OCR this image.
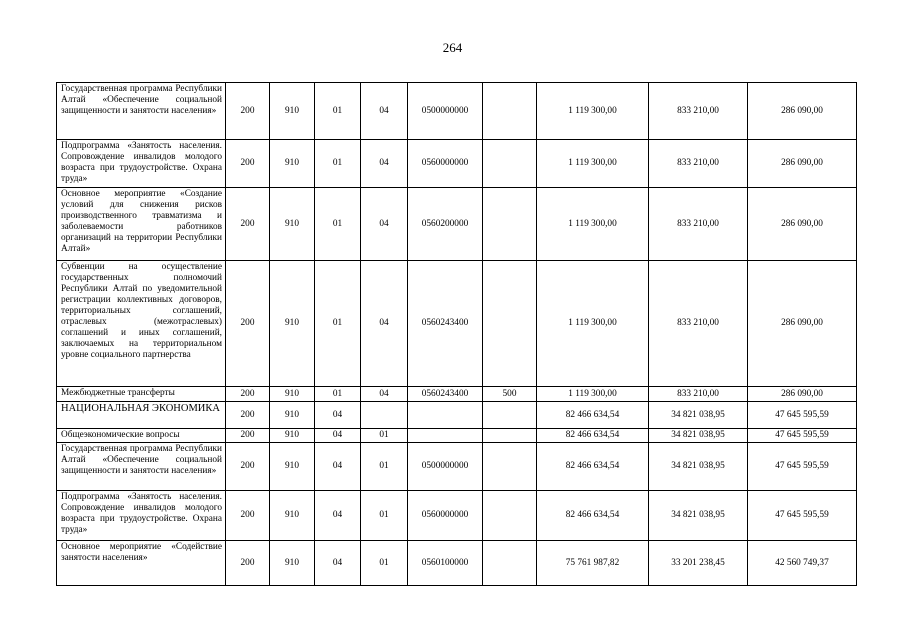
264
Государственная программа Республики Алтай «Обеспечение социальной защищенности и занятости населения»	200	910	01	04	0500000000		1 119 300,00	833 210,00	286 090,00
Подпрограмма «Занятость населения. Сопровождение инвалидов молодого возраста при трудоустройстве. Охрана труда»	200	910	01	04	0560000000		1 119 300,00	833 210,00	286 090,00
Основное мероприятие «Создание условий для снижения рисков производственного травматизма и заболеваемости работников организаций на территории Республики Алтай»	200	910	01	04	0560200000		1 119 300,00	833 210,00	286 090,00
Субвенции на осуществление государственных полномочий Республики Алтай по уведомительной регистрации коллективных договоров, территориальных соглашений, отраслевых (межотраслевых) соглашений и иных соглашений, заключаемых на территориальном уровне социального партнерства	200	910	01	04	0560243400		1 119 300,00	833 210,00	286 090,00
Межбюджетные трансферты	200	910	01	04	0560243400	500	1 119 300,00	833 210,00	286 090,00
НАЦИОНАЛЬНАЯ ЭКОНОМИКА	200	910	04				82 466 634,54	34 821 038,95	47 645 595,59
Общеэкономические вопросы	200	910	04	01			82 466 634,54	34 821 038,95	47 645 595,59
Государственная программа Республики Алтай «Обеспечение социальной защищенности и занятости населения»	200	910	04	01	0500000000		82 466 634,54	34 821 038,95	47 645 595,59
Подпрограмма «Занятость населения. Сопровождение инвалидов молодого возраста при трудоустройстве. Охрана труда»	200	910	04	01	0560000000		82 466 634,54	34 821 038,95	47 645 595,59
Основное мероприятие «Содействие занятости населения»	200	910	04	01	0560100000		75 761 987,82	33 201 238,45	42 560 749,37
